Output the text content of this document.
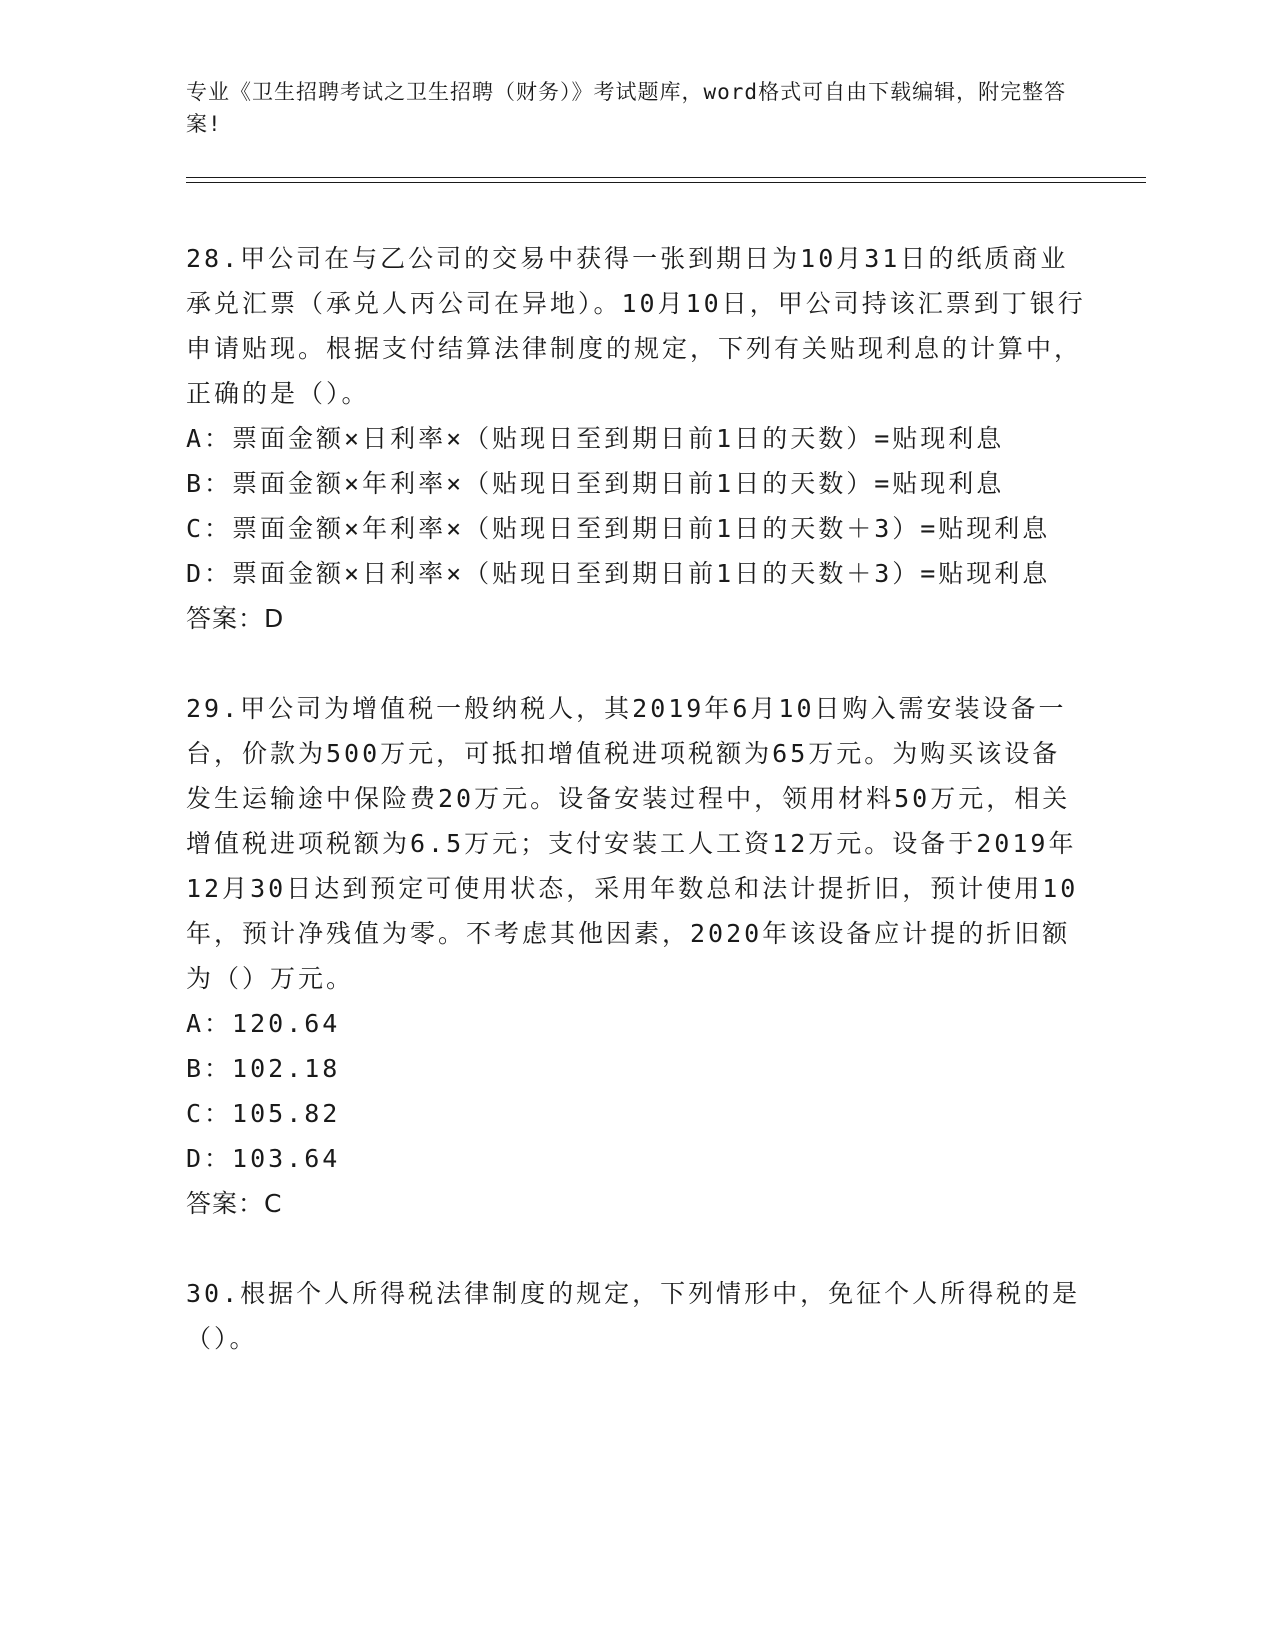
专业《卫生招聘考试之卫生招聘（财务）》考试题库，word格式可自由下载编辑，附完整答案!
28.甲公司在与乙公司的交易中获得一张到期日为10月31日的纸质商业承兑汇票（承兑人丙公司在异地）。10月10日，甲公司持该汇票到丁银行申请贴现。根据支付结算法律制度的规定，下列有关贴现利息的计算中，正确的是（）。
A：票面金额×日利率×（贴现日至到期日前1日的天数）=贴现利息
B：票面金额×年利率×（贴现日至到期日前1日的天数）=贴现利息
C：票面金额×年利率×（贴现日至到期日前1日的天数＋3）=贴现利息
D：票面金额×日利率×（贴现日至到期日前1日的天数＋3）=贴现利息
答案：D
29.甲公司为增值税一般纳税人，其2019年6月10日购入需安装设备一台，价款为500万元，可抵扣增值税进项税额为65万元。为购买该设备发生运输途中保险费20万元。设备安装过程中，领用材料50万元，相关增值税进项税额为6.5万元；支付安装工人工资12万元。设备于2019年12月30日达到预定可使用状态，采用年数总和法计提折旧，预计使用10年，预计净残值为零。不考虑其他因素，2020年该设备应计提的折旧额为（）万元。
A：120.64
B：102.18
C：105.82
D：103.64
答案：C
30.根据个人所得税法律制度的规定，下列情形中，免征个人所得税的是（）。
